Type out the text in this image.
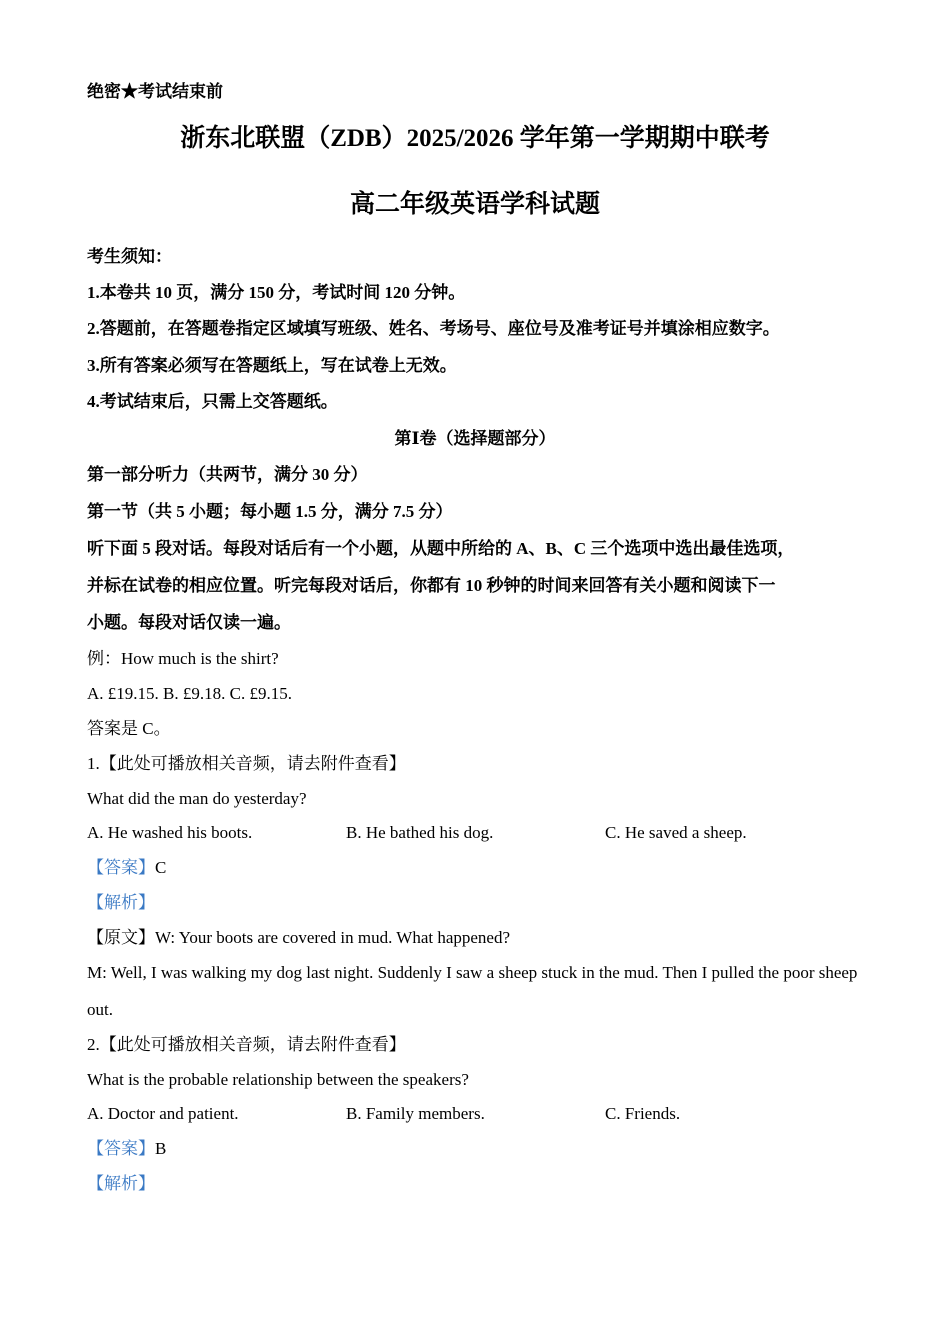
绝密★考试结束前
浙东北联盟（ZDB）2025/2026 学年第一学期期中联考
高二年级英语学科试题
考生须知：
1.本卷共 10 页，满分 150 分，考试时间 120 分钟。
2.答题前，在答题卷指定区域填写班级、姓名、考场号、座位号及准考证号并填涂相应数字。
3.所有答案必须写在答题纸上，写在试卷上无效。
4.考试结束后，只需上交答题纸。
第Ⅰ卷（选择题部分）
第一部分听力（共两节，满分 30 分）
第一节（共 5 小题；每小题 1.5 分，满分 7.5 分）
听下面 5 段对话。每段对话后有一个小题，从题中所给的 A、B、C 三个选项中选出最佳选项，
并标在试卷的相应位置。听完每段对话后，你都有 10 秒钟的时间来回答有关小题和阅读下一
小题。每段对话仅读一遍。
例：How much is the shirt?
A. £19.15. B. £9.18. C. £9.15.
答案是 C。
1.【此处可播放相关音频，请去附件查看】
What did the man do yesterday?
A. He washed his boots.	B. He bathed his dog.	C. He saved a sheep.
【答案】C
【解析】
【原文】W: Your boots are covered in mud. What happened?
M: Well, I was walking my dog last night. Suddenly I saw a sheep stuck in the mud. Then I pulled the poor sheep
out.
2.【此处可播放相关音频，请去附件查看】
What is the probable relationship between the speakers?
A. Doctor and patient.	B. Family members.	C. Friends.
【答案】B
【解析】
